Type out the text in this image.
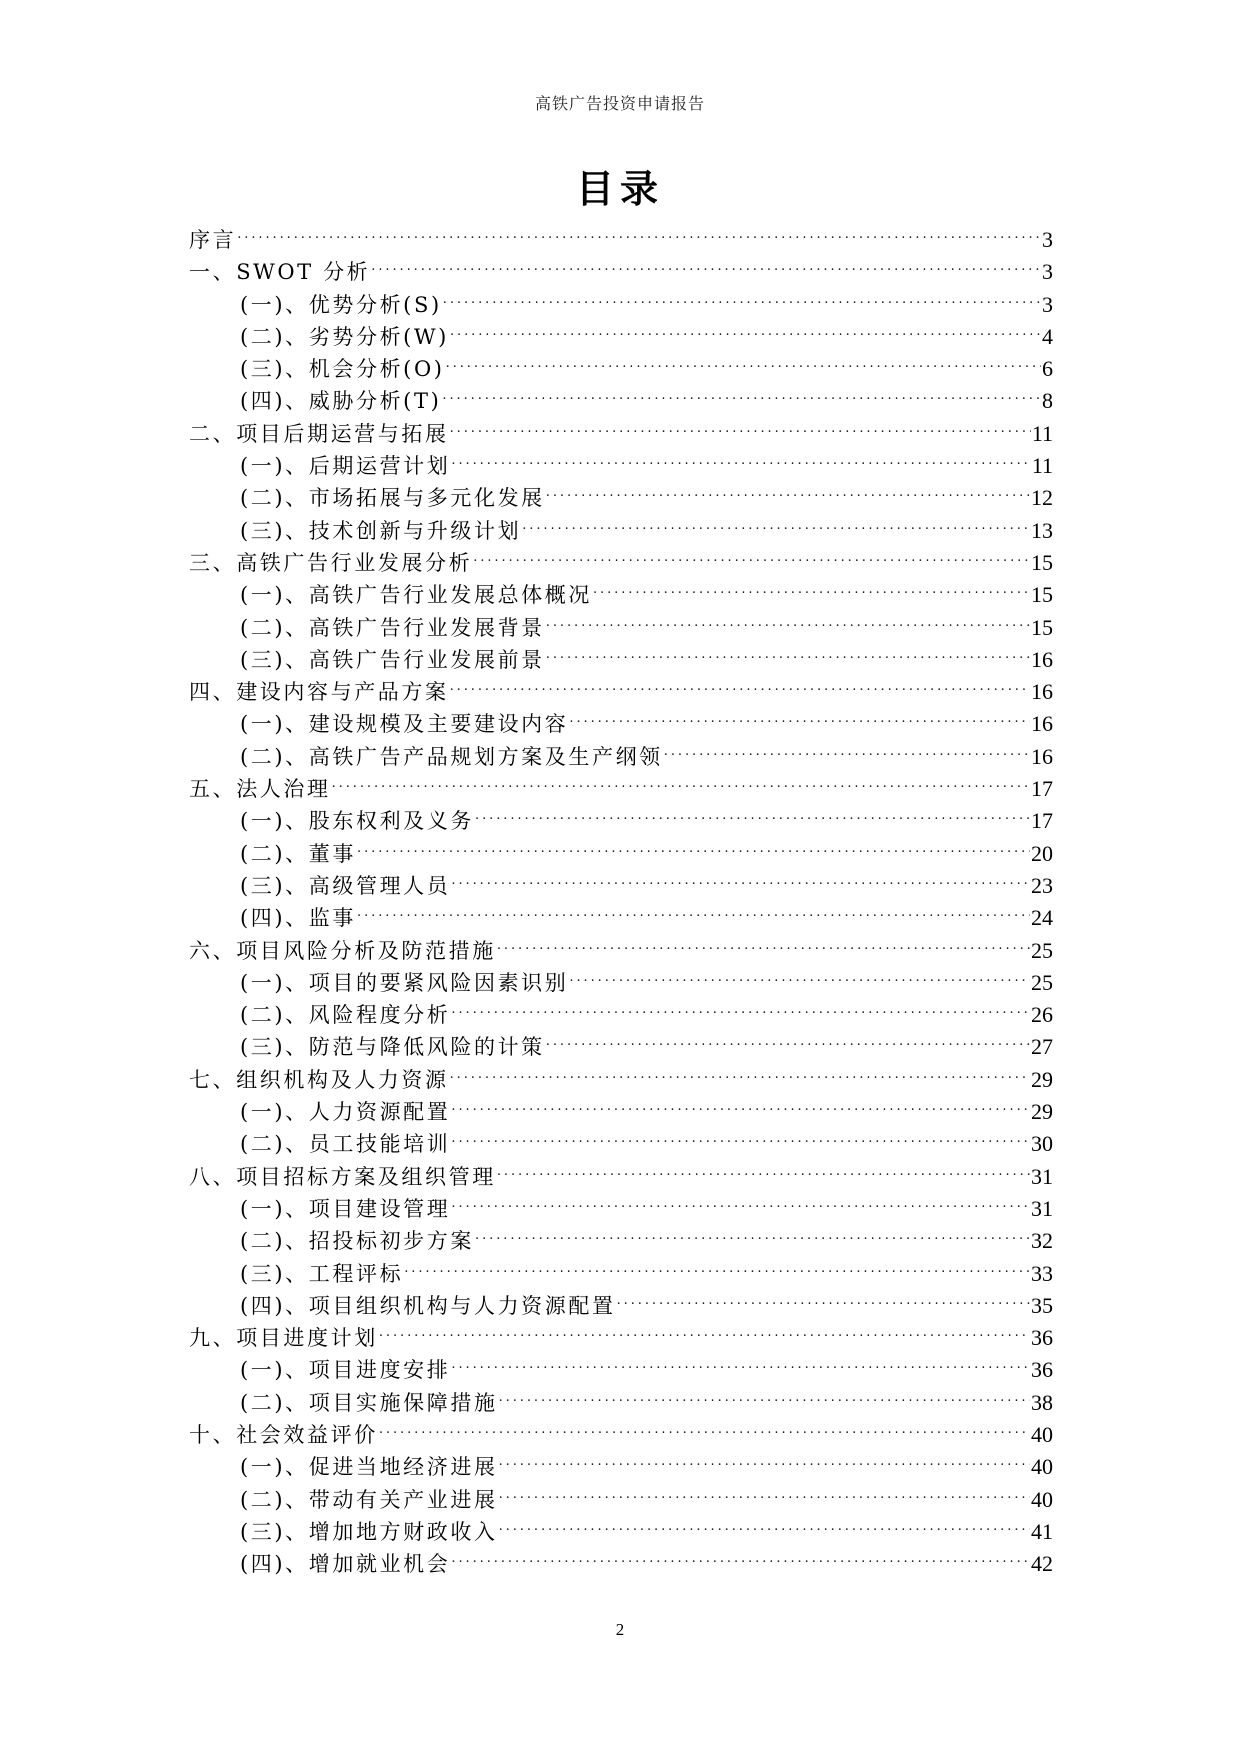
高铁广告投资申请报告
目录
序言 . . .	3
一、SWOT 分析 . . .	3
(一)、优势分析(S) . . .	3
(二)、劣势分析(W) . . .	4
(三)、机会分析(O) . . .	6
(四)、威胁分析(T) . . .	8
二、项目后期运营与拓展 . . .	11
(一)、后期运营计划 . . .	11
(二)、市场拓展与多元化发展 . . .	12
(三)、技术创新与升级计划 . . .	13
三、高铁广告行业发展分析 . . .	15
(一)、高铁广告行业发展总体概况 . . .	15
(二)、高铁广告行业发展背景 . . .	15
(三)、高铁广告行业发展前景 . . .	16
四、建设内容与产品方案 . . .	16
(一)、建设规模及主要建设内容 . . .	16
(二)、高铁广告产品规划方案及生产纲领 . . .	16
五、法人治理 . . .	17
(一)、股东权利及义务 . . .	17
(二)、董事 . . .	20
(三)、高级管理人员 . . .	23
(四)、监事 . . .	24
六、项目风险分析及防范措施 . . .	25
(一)、项目的要紧风险因素识别 . . .	25
(二)、风险程度分析 . . .	26
(三)、防范与降低风险的计策 . . .	27
七、组织机构及人力资源 . . .	29
(一)、人力资源配置 . . .	29
(二)、员工技能培训 . . .	30
八、项目招标方案及组织管理 . . .	31
(一)、项目建设管理 . . .	31
(二)、招投标初步方案 . . .	32
(三)、工程评标 . . .	33
(四)、项目组织机构与人力资源配置 . . .	35
九、项目进度计划 . . .	36
(一)、项目进度安排 . . .	36
(二)、项目实施保障措施 . . .	38
十、社会效益评价 . . .	40
(一)、促进当地经济进展 . . .	40
(二)、带动有关产业进展 . . .	40
(三)、增加地方财政收入 . . .	41
(四)、增加就业机会 . . .	42
2
